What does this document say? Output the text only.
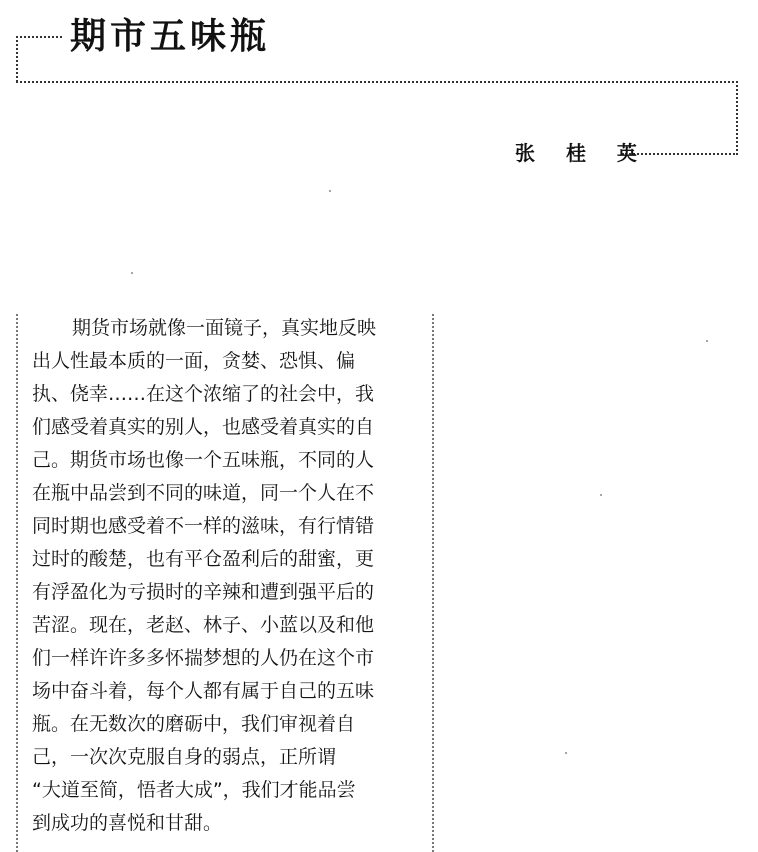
期市五味瓶
张 桂 英
期货市场就像一面镜子，真实地反映
出人性最本质的一面，贪婪、恐惧、偏
执、侥幸……在这个浓缩了的社会中，我
们感受着真实的别人，也感受着真实的自
己。期货市场也像一个五味瓶，不同的人
在瓶中品尝到不同的味道，同一个人在不
同时期也感受着不一样的滋味，有行情错
过时的酸楚，也有平仓盈利后的甜蜜，更
有浮盈化为亏损时的辛辣和遭到强平后的
苦涩。现在，老赵、林子、小蓝以及和他
们一样许许多多怀揣梦想的人仍在这个市
场中奋斗着，每个人都有属于自己的五味
瓶。在无数次的磨砺中，我们审视着自
己，一次次克服自身的弱点，正所谓
“大道至简，悟者大成”，我们才能品尝
到成功的喜悦和甘甜。
